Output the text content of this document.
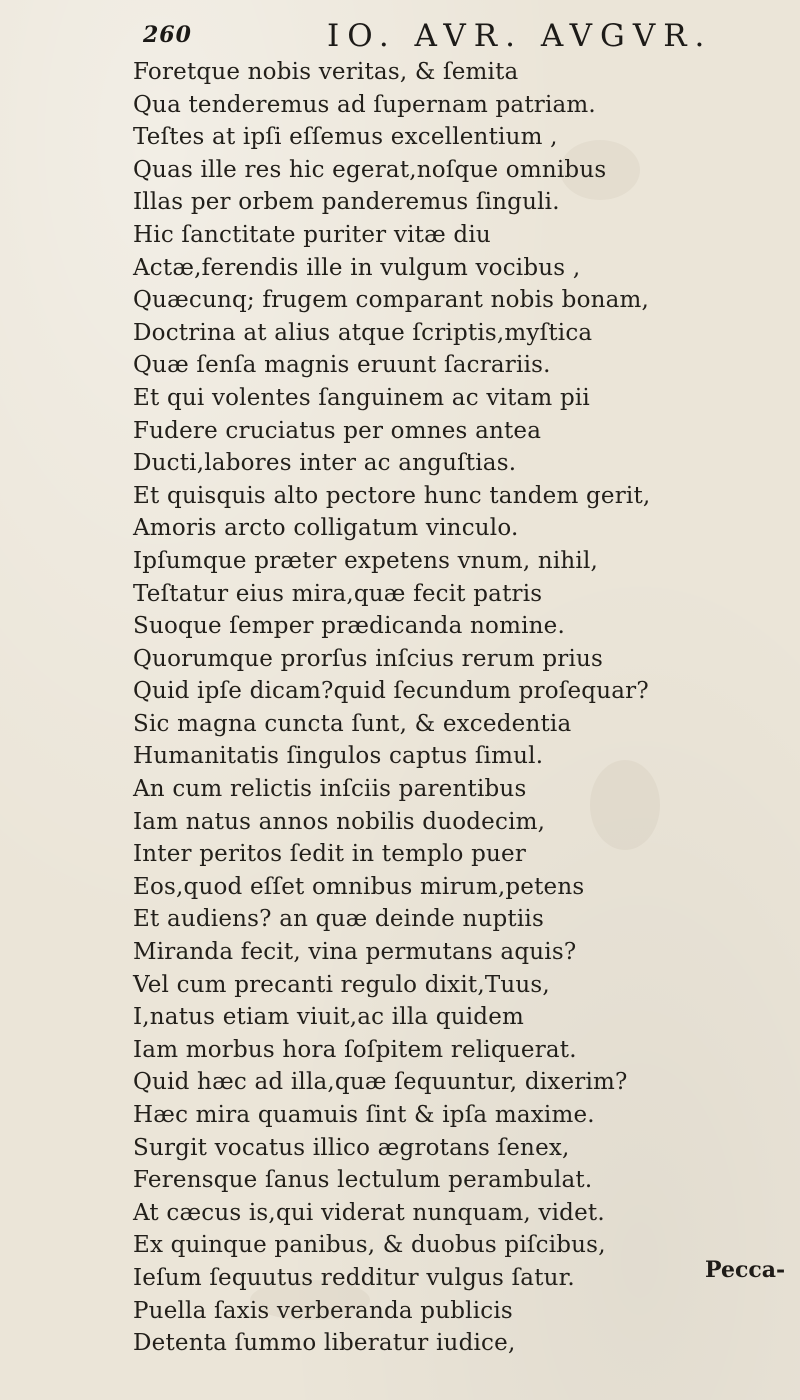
260	IO. AVR. AVGVR.
Foretque nobis veritas, & ſemita
Qua tenderemus ad ſupernam patriam.
Teſtes at ipſi eſſemus excellentium ,
Quas ille res hic egerat,noſque omnibus
Illas per orbem panderemus ſinguli.
Hic ſanctitate puriter vitæ diu
Actæ,ferendis ille in vulgum vocibus ,
Quæcunq; frugem comparant nobis bonam,
Doctrina at alius atque ſcriptis,myſtica
Quæ ſenſa magnis eruunt ſacrariis.
Et qui volentes ſanguinem ac vitam pii
Fudere cruciatus per omnes antea
Ducti,labores inter ac anguſtias.
Et quisquis alto pectore hunc tandem gerit,
Amoris arcto colligatum vinculo.
Ipſumque præter expetens vnum, nihil,
Teſtatur eius mira,quæ fecit patris
Suoque ſemper prædicanda nomine.
Quorumque prorſus inſcius rerum prius
Quid ipſe dicam?quid ſecundum proſequar?
Sic magna cuncta ſunt, & excedentia
Humanitatis ſingulos captus ſimul.
An cum relictis inſciis parentibus
Iam natus annos nobilis duodecim,
Inter peritos ſedit in templo puer
Eos,quod eſſet omnibus mirum,petens
Et audiens? an quæ deinde nuptiis
Miranda fecit, vina permutans aquis?
Vel cum precanti regulo dixit,Tuus,
I,natus etiam viuit,ac illa quidem
Iam morbus hora ſoſpitem reliquerat.
Quid hæc ad illa,quæ ſequuntur, dixerim?
Hæc mira quamuis ſint & ipſa maxime.
Surgit vocatus illico ægrotans ſenex,
Ferensque ſanus lectulum perambulat.
At cæcus is,qui viderat nunquam, videt.
Ex quinque panibus, & duobus piſcibus,
Ieſum ſequutus redditur vulgus ſatur.
Puella ſaxis verberanda publicis
Detenta ſummo liberatur iudice,
Pecca-
